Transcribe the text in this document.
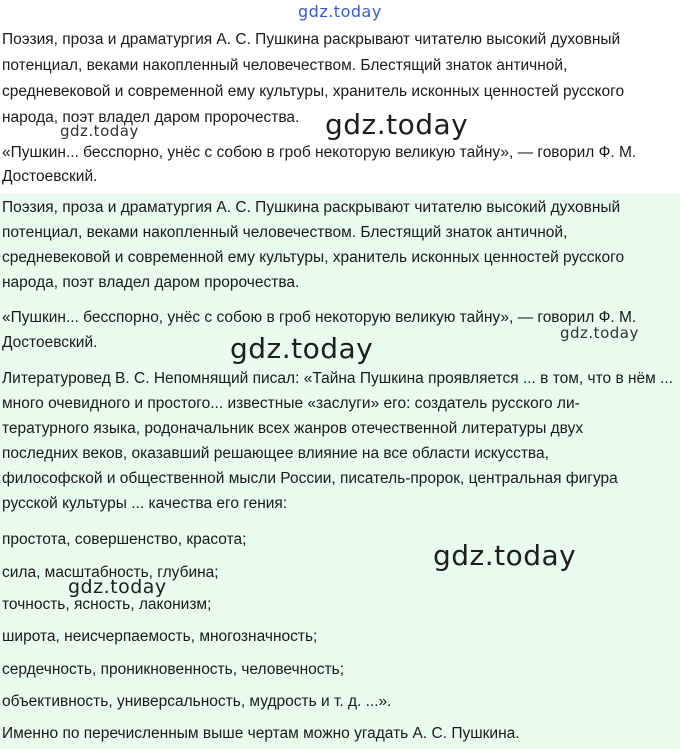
Поэзия, проза и драматургия А. С. Пушкина раскрывают читателю высокий духовный

потенциал, веками накопленный человечеством. Блестящий знаток античной,

средневековой и современной ему культуры, хранитель исконных ценностей русского

народа, поэт владел даром пророчества.

«Пушкин... бесспорно, унёс с собою в гроб некоторую великую тайну», — говорил Ф. М.

Достоевский.

Поэзия, проза и драматургия А. С. Пушкина раскрывают читателю высокий духовный

потенциал, веками накопленный человечеством. Блестящий знаток античной,

средневековой и современной ему культуры, хранитель исконных ценностей русского

народа, поэт владел даром пророчества.

«Пушкин... бесспорно, унёс с собою в гроб некоторую великую тайну», — говорил Ф. М.

Достоевский.

Литературовед В. С. Непомнящий писал: «Тайна Пушкина проявляется ... в том, что в нём ...

много очевидного и простого... известные «заслуги» его: создатель русского ли-

тературного языка, родоначальник всех жанров отечественной литературы двух

последних веков, оказавший решающее влияние на все области искусства,

философской и общественной мысли России, писатель-пророк, центральная фигура

русской культуры ... качества его гения:

простота, совершенство, красота;

сила, масштабность, глубина;

точность, ясность, лаконизм;

широта, неисчерпаемость, многозначность;

сердечность, проникновенность, человечность;

объективность, универсальность, мудрость и т. д. ...».

Именно по перечисленным выше чертам можно угадать А. С. Пушкина.

gdz.today
gdz.today	gdz.today
gdz.today
gdz.today
gdz.today
gdz.today
